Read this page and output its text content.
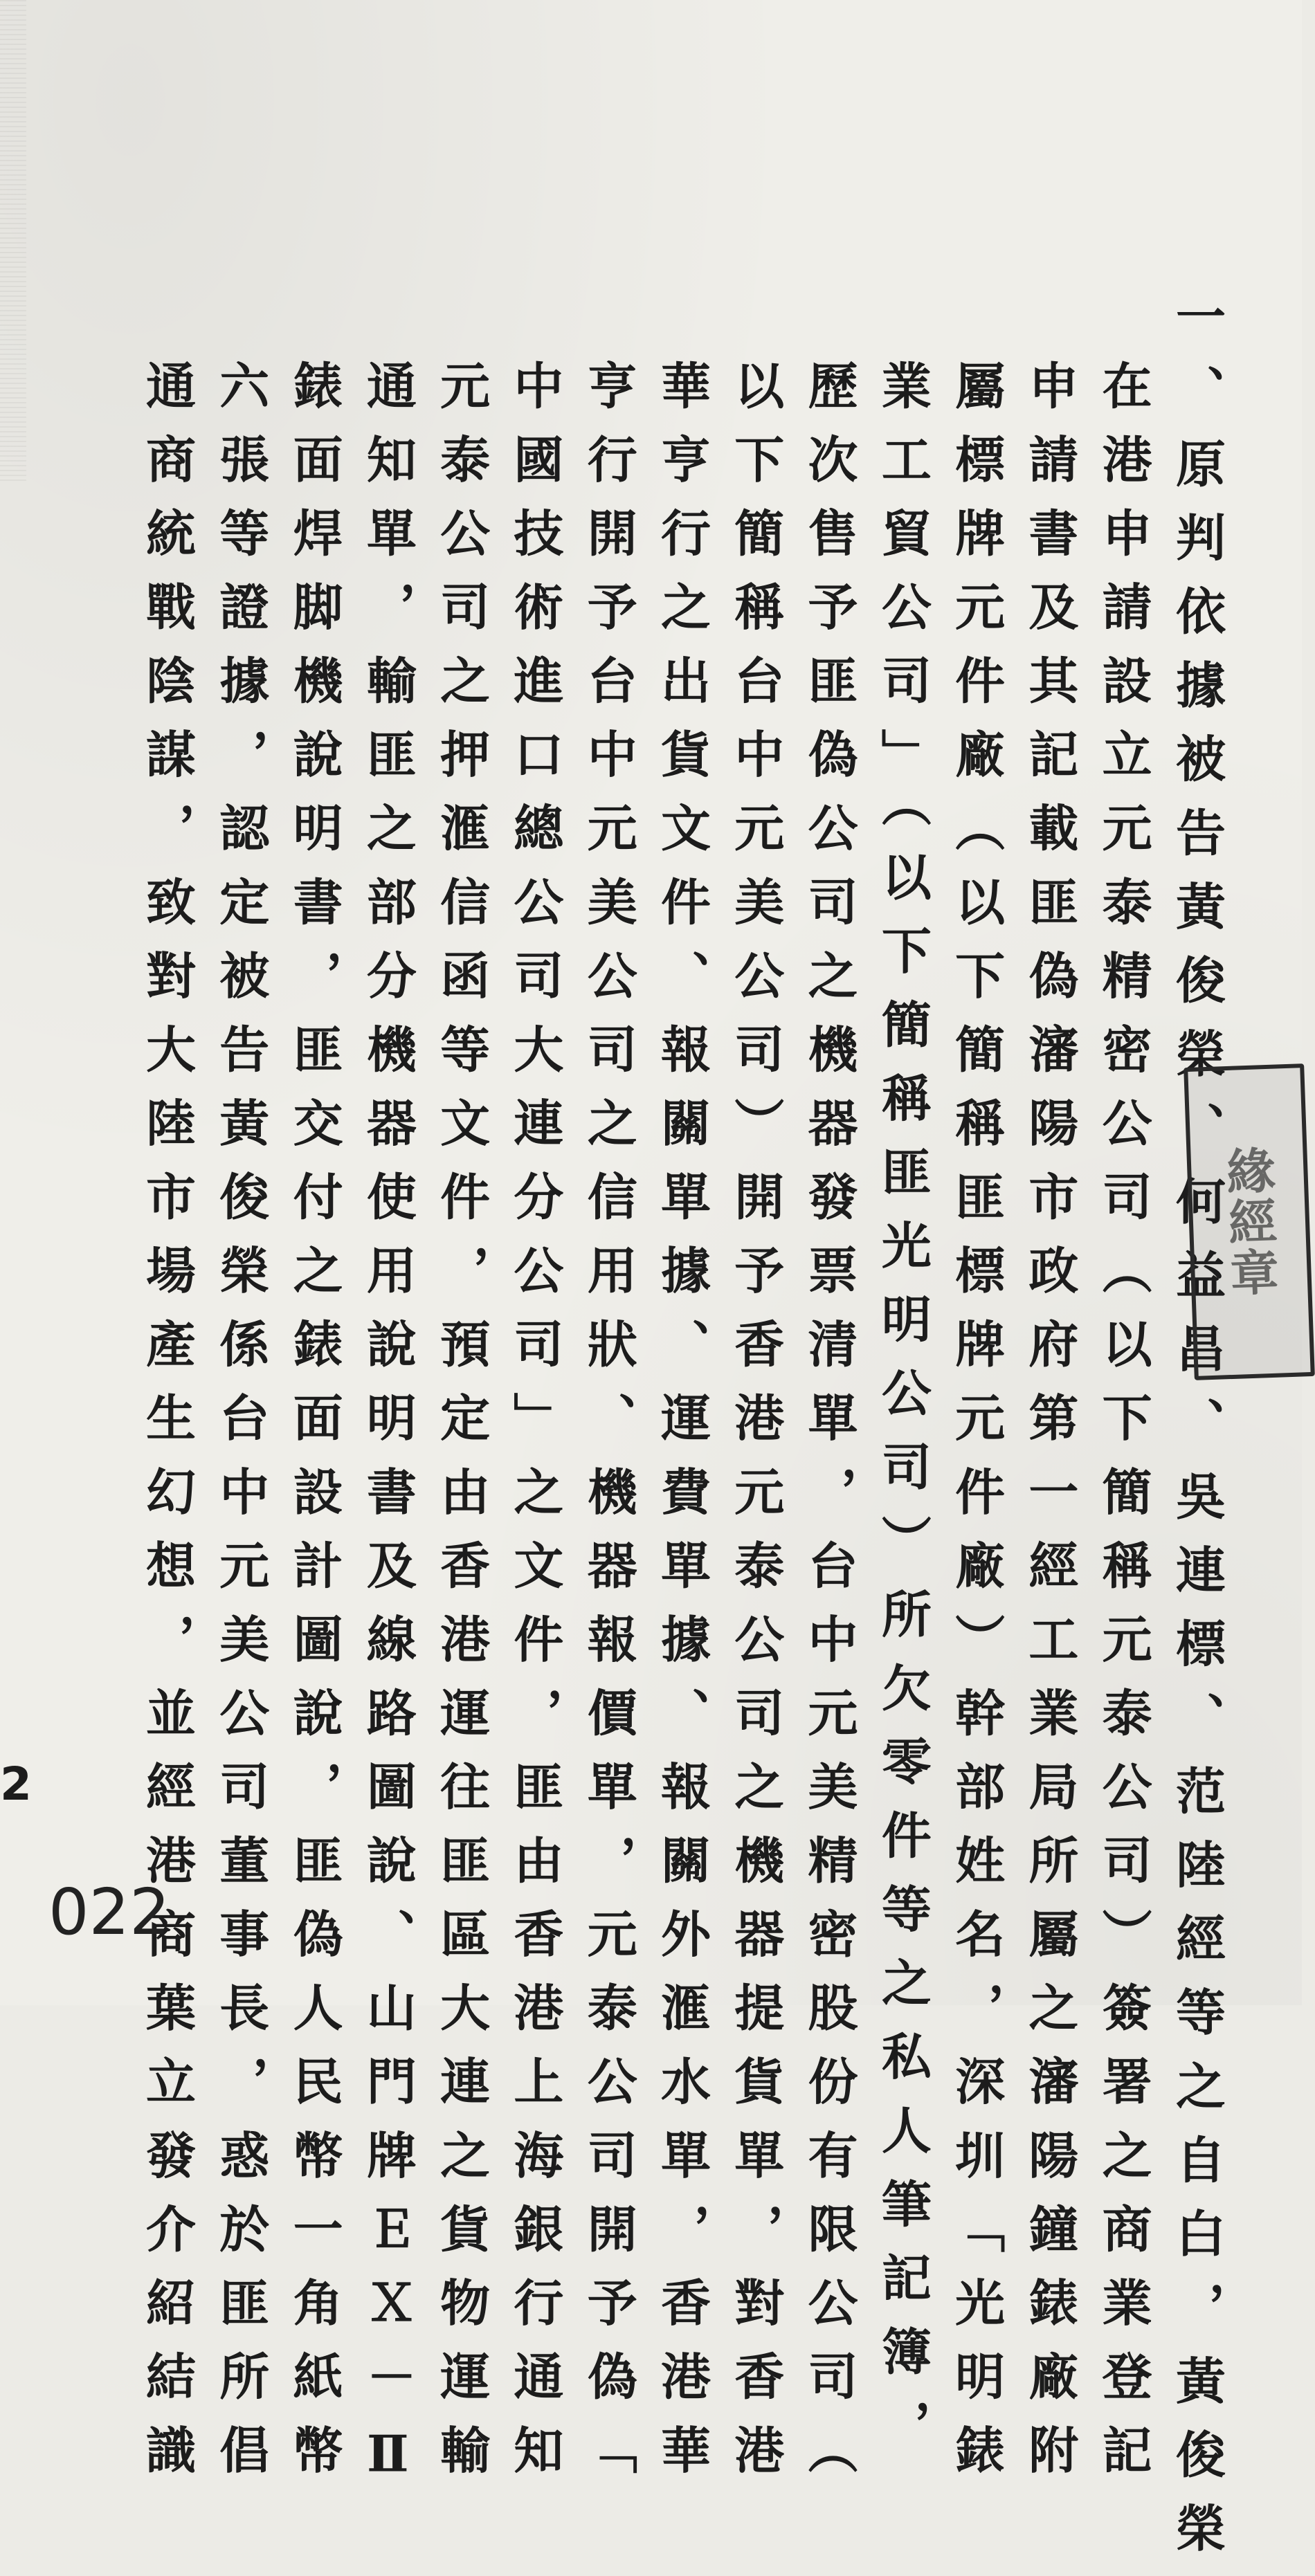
一、原判依據被告黃俊榮、何益昌、吳連標、范陸經等之自白，黃俊榮
在港申請設立元泰精密公司（以下簡稱元泰公司）簽署之商業登記
申請書及其記載匪偽瀋陽市政府第一經工業局所屬之瀋陽鐘錶廠附
屬標牌元件廠（以下簡稱匪標牌元件廠）幹部姓名，深圳「光明錶
業工貿公司」（以下簡稱匪光明公司）所欠零件等之私人筆記簿，
歷次售予匪偽公司之機器發票清單，台中元美精密股份有限公司（
以下簡稱台中元美公司）開予香港元泰公司之機器提貨單，對香港
華亨行之出貨文件、報關單據、運費單據、報關外滙水單，香港華
亨行開予台中元美公司之信用狀、機器報價單，元泰公司開予偽「
中國技術進口總公司大連分公司」之文件，匪由香港上海銀行通知
元泰公司之押滙信函等文件，預定由香港運往匪區大連之貨物運輸
通知單，輸匪之部分機器使用說明書及線路圖說、山門牌ＥＸ－Ⅱ
錶面焊脚機說明書，匪交付之錶面設計圖說，匪偽人民幣一角紙幣
六張等證據，認定被告黃俊榮係台中元美公司董事長，惑於匪所倡
通商統戰陰謀，致對大陸市場產生幻想，並經港商葉立發介紹結識	緣經章
2
022
